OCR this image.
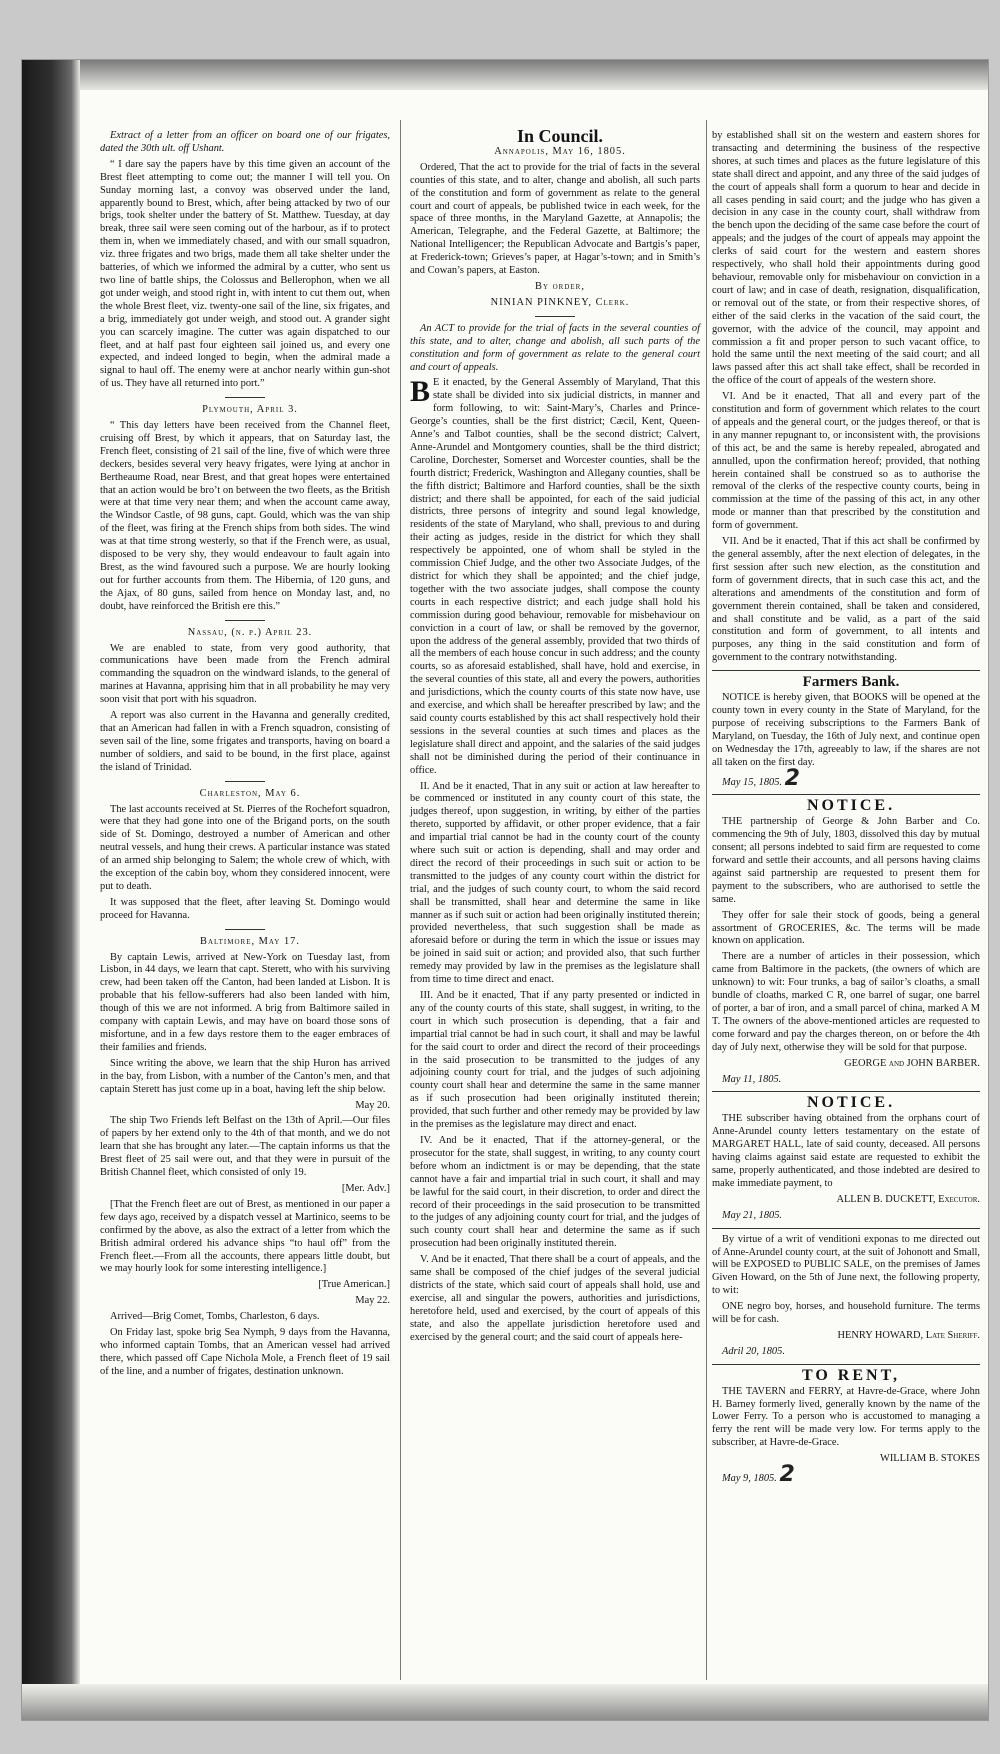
Extract of a letter from an officer on board one of our frigates, dated the 30th ult. off Ushant.

“ I dare say the papers have by this time given an account of the Brest fleet attempting to come out; the manner I will tell you. On Sunday morning last, a convoy was observed under the land, apparently bound to Brest, which, after being attacked by two of our brigs, took shelter under the battery of St. Matthew. Tuesday, at day break, three sail were seen coming out of the harbour, as if to protect them in, when we immediately chased, and with our small squadron, viz. three frigates and two brigs, made them all take shelter under the batteries, of which we informed the admiral by a cutter, who sent us two line of battle ships, the Colossus and Bellerophon, when we all got under weigh, and stood right in, with intent to cut them out, when the whole Brest fleet, viz. twenty-one sail of the line, six frigates, and a brig, immediately got under weigh, and stood out. A grander sight you can scarcely imagine. The cutter was again dispatched to our fleet, and at half past four eighteen sail joined us, and every one expected, and indeed longed to begin, when the admiral made a signal to haul off. The enemy were at anchor nearly within gun-shot of us. They have all returned into port.”

Plymouth, April 3.

“ This day letters have been received from the Channel fleet, cruising off Brest, by which it appears, that on Saturday last, the French fleet, consisting of 21 sail of the line, five of which were three deckers, besides several very heavy frigates, were lying at anchor in Bertheaume Road, near Brest, and that great hopes were entertained that an action would be bro’t on between the two fleets, as the British were at that time very near them; and when the account came away, the Windsor Castle, of 98 guns, capt. Gould, which was the van ship of the fleet, was firing at the French ships from both sides. The wind was at that time strong westerly, so that if the French were, as usual, disposed to be very shy, they would endeavour to fault again into Brest, as the wind favoured such a purpose. We are hourly looking out for further accounts from them. The Hibernia, of 120 guns, and the Ajax, of 80 guns, sailed from hence on Monday last, and, no doubt, have reinforced the British ere this.”

Nassau, (n. p.) April 23.

We are enabled to state, from very good authority, that communications have been made from the French admiral commanding the squadron on the windward islands, to the general of marines at Havanna, apprising him that in all probability he may very soon visit that port with his squadron.

A report was also current in the Havanna and generally credited, that an American had fallen in with a French squadron, consisting of seven sail of the line, some frigates and transports, having on board a number of soldiers, and said to be bound, in the first place, against the island of Trinidad.

Charleston, May 6.

The last accounts received at St. Pierres of the Rochefort squadron, were that they had gone into one of the Brigand ports, on the south side of St. Domingo, destroyed a number of American and other neutral vessels, and hung their crews. A particular instance was stated of an armed ship belonging to Salem; the whole crew of which, with the exception of the cabin boy, whom they considered innocent, were put to death.

It was supposed that the fleet, after leaving St. Domingo would proceed for Havanna.

Baltimore, May 17.

By captain Lewis, arrived at New-York on Tuesday last, from Lisbon, in 44 days, we learn that capt. Sterett, who with his surviving crew, had been taken off the Canton, had been landed at Lisbon. It is probable that his fellow-sufferers had also been landed with him, though of this we are not informed. A brig from Baltimore sailed in company with captain Lewis, and may have on board those sons of misfortune, and in a few days restore them to the eager embraces of their families and friends.

Since writing the above, we learn that the ship Huron has arrived in the bay, from Lisbon, with a number of the Canton’s men, and that captain Sterett has just come up in a boat, having left the ship below.

May 20.

The ship Two Friends left Belfast on the 13th of April.—Our files of papers by her extend only to the 4th of that month, and we do not learn that she has brought any later.—The captain informs us that the Brest fleet of 25 sail were out, and that they were in pursuit of the British Channel fleet, which consisted of only 19.

[Mer. Adv.]

[That the French fleet are out of Brest, as mentioned in our paper a few days ago, received by a dispatch vessel at Martinico, seems to be confirmed by the above, as also the extract of a letter from which the British admiral ordered his advance ships “to haul off” from the French fleet.—From all the accounts, there appears little doubt, but we may hourly look for some interesting intelligence.]

[True American.]

May 22.

Arrived—Brig Comet, Tombs, Charleston, 6 days.

On Friday last, spoke brig Sea Nymph, 9 days from the Havanna, who informed captain Tombs, that an American vessel had arrived there, which passed off Cape Nichola Mole, a French fleet of 19 sail of the line, and a number of frigates, destination unknown.

In Council.

Annapolis, May 16, 1805.

Ordered, That the act to provide for the trial of facts in the several counties of this state, and to alter, change and abolish, all such parts of the constitution and form of government as relate to the general court and court of appeals, be published twice in each week, for the space of three months, in the Maryland Gazette, at Annapolis; the American, Telegraphe, and the Federal Gazette, at Baltimore; the National Intelligencer; the Republican Advocate and Bartgis’s paper, at Frederick-town; Grieves’s paper, at Hagar’s-town; and in Smith’s and Cowan’s papers, at Easton.

By order,

NINIAN PINKNEY, Clerk.

An ACT to provide for the trial of facts in the several counties of this state, and to alter, change and abolish, all such parts of the constitution and form of government as relate to the general court and court of appeals.

B E it enacted, by the General Assembly of Maryland, That this state shall be divided into six judicial districts, in manner and form following, to wit: Saint-Mary’s, Charles and Prince-George’s counties, shall be the first district; Cæcil, Kent, Queen-Anne’s and Talbot counties, shall be the second district; Calvert, Anne-Arundel and Montgomery counties, shall be the third district; Caroline, Dorchester, Somerset and Worcester counties, shall be the fourth district; Frederick, Washington and Allegany counties, shall be the fifth district; Baltimore and Harford counties, shall be the sixth district; and there shall be appointed, for each of the said judicial districts, three persons of integrity and sound legal knowledge, residents of the state of Maryland, who shall, previous to and during their acting as judges, reside in the district for which they shall respectively be appointed, one of whom shall be styled in the commission Chief Judge, and the other two Associate Judges, of the district for which they shall be appointed; and the chief judge, together with the two associate judges, shall compose the county courts in each respective district; and each judge shall hold his commission during good behaviour, removable for misbehaviour on conviction in a court of law, or shall be removed by the governor, upon the address of the general assembly, provided that two thirds of all the members of each house concur in such address; and the county courts, so as aforesaid established, shall have, hold and exercise, in the several counties of this state, all and every the powers, authorities and jurisdictions, which the county courts of this state now have, use and exercise, and which shall be hereafter prescribed by law; and the said county courts established by this act shall respectively hold their sessions in the several counties at such times and places as the legislature shall direct and appoint, and the salaries of the said judges shall not be diminished during the period of their continuance in office.

II. And be it enacted, That in any suit or action at law hereafter to be commenced or instituted in any county court of this state, the judges thereof, upon suggestion, in writing, by either of the parties thereto, supported by affidavit, or other proper evidence, that a fair and impartial trial cannot be had in the county court of the county where such suit or action is depending, shall and may order and direct the record of their proceedings in such suit or action to be transmitted to the judges of any county court within the district for trial, and the judges of such county court, to whom the said record shall be transmitted, shall hear and determine the same in like manner as if such suit or action had been originally instituted therein; provided nevertheless, that such suggestion shall be made as aforesaid before or during the term in which the issue or issues may be joined in said suit or action; and provided also, that such further remedy may provided by law in the premises as the legislature shall from time to time direct and enact.

III. And be it enacted, That if any party presented or indicted in any of the county courts of this state, shall suggest, in writing, to the court in which such prosecution is depending, that a fair and impartial trial cannot be had in such court, it shall and may be lawful for the said court to order and direct the record of their proceedings in the said prosecution to be transmitted to the judges of any adjoining county court for trial, and the judges of such adjoining county court shall hear and determine the same in the same manner as if such prosecution had been originally instituted therein; provided, that such further and other remedy may be provided by law in the premises as the legislature may direct and enact.

IV. And be it enacted, That if the attorney-general, or the prosecutor for the state, shall suggest, in writing, to any county court before whom an indictment is or may be depending, that the state cannot have a fair and impartial trial in such court, it shall and may be lawful for the said court, in their discretion, to order and direct the record of their proceedings in the said prosecution to be transmitted to the judges of any adjoining county court for trial, and the judges of such county court shall hear and determine the same as if such prosecution had been originally instituted therein.

V. And be it enacted, That there shall be a court of appeals, and the same shall be composed of the chief judges of the several judicial districts of the state, which said court of appeals shall hold, use and exercise, all and singular the powers, authorities and jurisdictions, heretofore held, used and exercised, by the court of appeals of this state, and also the appellate jurisdiction heretofore used and exercised by the general court; and the said court of appeals here-

by established shall sit on the western and eastern shores for transacting and determining the business of the respective shores, at such times and places as the future legislature of this state shall direct and appoint, and any three of the said judges of the court of appeals shall form a quorum to hear and decide in all cases pending in said court; and the judge who has given a decision in any case in the county court, shall withdraw from the bench upon the deciding of the same case before the court of appeals; and the judges of the court of appeals may appoint the clerks of said court for the western and eastern shores respectively, who shall hold their appointments during good behaviour, removable only for misbehaviour on conviction in a court of law; and in case of death, resignation, disqualification, or removal out of the state, or from their respective shores, of either of the said clerks in the vacation of the said court, the governor, with the advice of the council, may appoint and commission a fit and proper person to such vacant office, to hold the same until the next meeting of the said court; and all laws passed after this act shall take effect, shall be recorded in the office of the court of appeals of the western shore.

VI. And be it enacted, That all and every part of the constitution and form of government which relates to the court of appeals and the general court, or the judges thereof, or that is in any manner repugnant to, or inconsistent with, the provisions of this act, be and the same is hereby repealed, abrogated and annulled, upon the confirmation hereof; provided, that nothing herein contained shall be construed so as to authorise the removal of the clerks of the respective county courts, being in commission at the time of the passing of this act, in any other mode or manner than that prescribed by the constitution and form of government.

VII. And be it enacted, That if this act shall be confirmed by the general assembly, after the next election of delegates, in the first session after such new election, as the constitution and form of government directs, that in such case this act, and the alterations and amendments of the constitution and form of government therein contained, shall be taken and considered, and shall constitute and be valid, as a part of the said constitution and form of government, to all intents and purposes, any thing in the said constitution and form of government to the contrary notwithstanding.

Farmers Bank.

NOTICE is hereby given, that BOOKS will be opened at the county town in every county in the State of Maryland, for the purpose of receiving subscriptions to the Farmers Bank of Maryland, on Tuesday, the 16th of July next, and continue open on Wednesday the 17th, agreeably to law, if the shares are not all taken on the first day.

May 15, 1805. 2

NOTICE.

THE partnership of George & John Barber and Co. commencing the 9th of July, 1803, dissolved this day by mutual consent; all persons indebted to said firm are requested to come forward and settle their accounts, and all persons having claims against said partnership are requested to present them for payment to the subscribers, who are authorised to settle the same.

They offer for sale their stock of goods, being a general assortment of GROCERIES, &c. The terms will be made known on application.

There are a number of articles in their possession, which came from Baltimore in the packets, (the owners of which are unknown) to wit: Four trunks, a bag of sailor’s cloaths, a small bundle of cloaths, marked C R, one barrel of sugar, one barrel of porter, a bar of iron, and a small parcel of china, marked A M T. The owners of the above-mentioned articles are requested to come forward and pay the charges thereon, on or before the 4th day of July next, otherwise they will be sold for that purpose.

GEORGE and JOHN BARBER.

May 11, 1805.

NOTICE.

THE subscriber having obtained from the orphans court of Anne-Arundel county letters testamentary on the estate of MARGARET HALL, late of said county, deceased. All persons having claims against said estate are requested to exhibit the same, properly authenticated, and those indebted are desired to make immediate payment, to

ALLEN B. DUCKETT, Executor.

May 21, 1805.

By virtue of a writ of venditioni exponas to me directed out of Anne-Arundel county court, at the suit of Johonott and Small, will be EXPOSED to PUBLIC SALE, on the premises of James Given Howard, on the 5th of June next, the following property, to wit:

ONE negro boy, horses, and household furniture. The terms will be for cash.

HENRY HOWARD, Late Sheriff.

Adril 20, 1805.

TO RENT,

THE TAVERN and FERRY, at Havre-de-Grace, where John H. Barney formerly lived, generally known by the name of the Lower Ferry. To a person who is accustomed to managing a ferry the rent will be made very low. For terms apply to the subscriber, at Havre-de-Grace.

WILLIAM B. STOKES

May 9, 1805. 2
